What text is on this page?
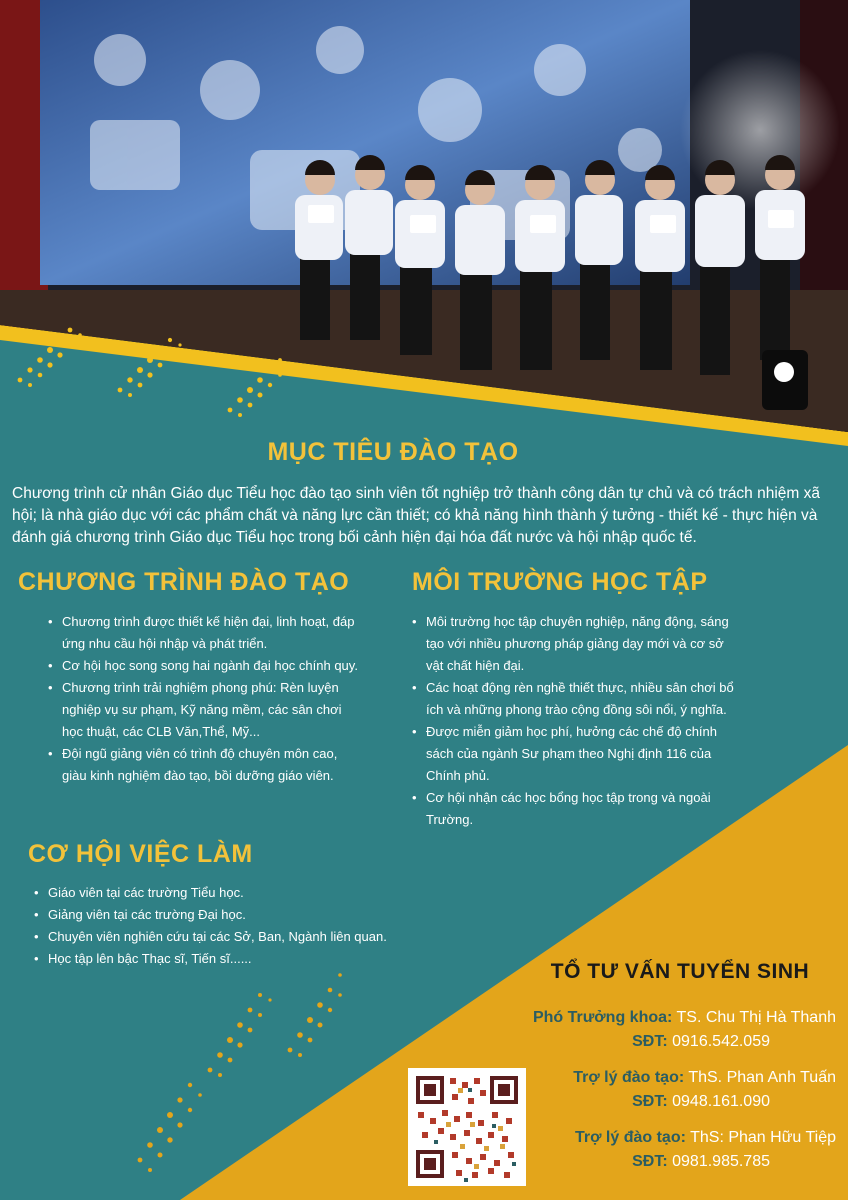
MỤC TIÊU ĐÀO TẠO

Chương trình cử nhân Giáo dục Tiểu học đào tạo sinh viên tốt nghiệp trở thành công dân tự chủ và có trách nhiệm xã hội; là nhà giáo dục với các phẩm chất và năng lực cần thiết; có khả năng hình thành ý tưởng - thiết kế - thực hiện và đánh giá chương trình Giáo dục Tiểu học trong bối cảnh hiện đại hóa đất nước và hội nhập quốc tế.

CHƯƠNG TRÌNH ĐÀO TẠO
• Chương trình được thiết kế hiện đại, linh hoạt, đáp ứng nhu cầu hội nhập và phát triển.
• Cơ hội học song song hai ngành đại học chính quy.
• Chương trình trải nghiệm phong phú: Rèn luyện nghiệp vụ sư phạm, Kỹ năng mềm, các sân chơi học thuật, các CLB Văn,Thể, Mỹ...
• Đội ngũ giảng viên có trình độ chuyên môn cao, giàu kinh nghiệm đào tạo, bồi dưỡng giáo viên.
MÔI TRƯỜNG HỌC TẬP
• Môi trường học tập chuyên nghiệp, năng động, sáng tạo với nhiều phương pháp giảng dạy mới và cơ sở vật chất hiện đại.
• Các hoạt động rèn nghề thiết thực, nhiều sân chơi bổ ích và những phong trào cộng đồng sôi nổi, ý nghĩa.
• Được miễn giảm học phí, hưởng các chế độ chính sách của ngành Sư phạm theo Nghị định 116 của Chính phủ.
• Cơ hội nhận các học bổng học tập trong và ngoài Trường.
CƠ HỘI VIỆC LÀM
• Giáo viên tại các trường Tiểu học.
• Giảng viên tại các trường Đại học.
• Chuyên viên nghiên cứu tại các Sở, Ban, Ngành liên quan.
• Học tập lên bậc Thạc sĩ, Tiến sĩ......
TỔ TƯ VẤN TUYỂN SINH
Phó Trưởng khoa: TS. Chu Thị Hà Thanh
SĐT: 0916.542.059
Trợ lý đào tạo: ThS. Phan Anh Tuấn
SĐT: 0948.161.090
Trợ lý đào tạo: ThS: Phan Hữu Tiệp
SĐT: 0981.985.785
